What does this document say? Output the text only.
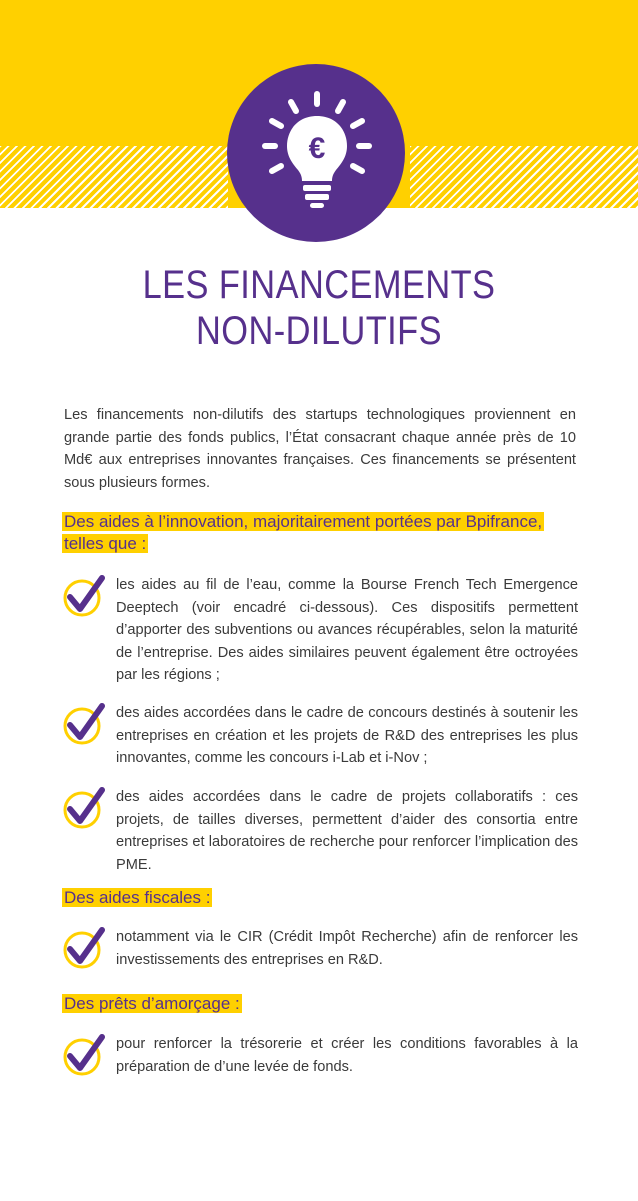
€
LES FINANCEMENTS
NON-DILUTIFS
Les financements non-dilutifs des startups technologiques proviennent en grande partie des fonds publics, l’État consacrant chaque année près de 10 Md€ aux entreprises innovantes françaises. Ces financements se présentent sous plusieurs formes.
Des aides à l’innovation, majoritairement portées par Bpifrance, telles que :
les aides au fil de l’eau, comme la Bourse French Tech Emergence Deeptech (voir encadré ci-dessous). Ces dispositifs permettent d’apporter des subventions ou avances récupérables, selon la maturité de l’entreprise. Des aides similaires peuvent également être octroyées par les régions ;
des aides accordées dans le cadre de concours destinés à soutenir les entreprises en création et les projets de R&D des entreprises les plus innovantes, comme les concours i-Lab et i-Nov ;
des aides accordées dans le cadre de projets collaboratifs : ces projets, de tailles diverses, permettent d’aider des consortia entre entreprises et laboratoires de recherche pour renforcer l’implication des PME.
Des aides fiscales :
notamment via le CIR (Crédit Impôt Recherche) afin de renforcer les investissements des entreprises en R&D.
Des prêts d’amorçage :
pour renforcer la trésorerie et créer les conditions favorables à la préparation de d’une levée de fonds.
